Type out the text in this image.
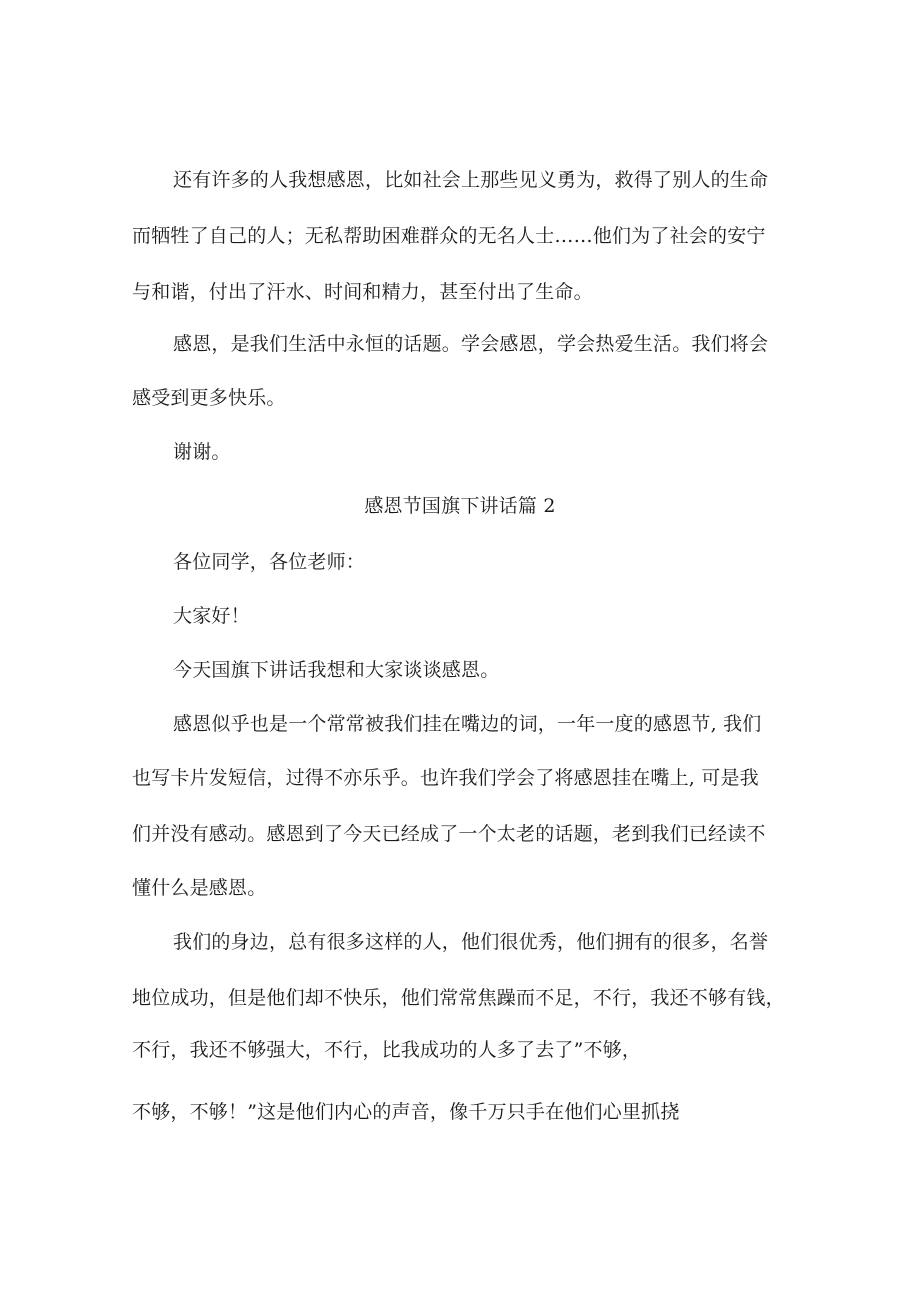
还有许多的人我想感恩，比如社会上那些见义勇为，救得了别人的生命
而牺牲了自己的人；无私帮助困难群众的无名人士……他们为了社会的安宁
与和谐，付出了汗水、时间和精力，甚至付出了生命。
感恩，是我们生活中永恒的话题。学会感恩，学会热爱生活。我们将会
感受到更多快乐。
谢谢。
感恩节国旗下讲话篇 2
各位同学，各位老师：
大家好！
今天国旗下讲话我想和大家谈谈感恩。
感恩似乎也是一个常常被我们挂在嘴边的词，一年一度的感恩节, 我们
也写卡片发短信，过得不亦乐乎。也许我们学会了将感恩挂在嘴上, 可是我
们并没有感动。感恩到了今天已经成了一个太老的话题，老到我们已经读不
懂什么是感恩。
我们的身边，总有很多这样的人，他们很优秀，他们拥有的很多，名誉
地位成功，但是他们却不快乐，他们常常焦躁而不足，不行，我还不够有钱，
不行，我还不够强大，不行，比我成功的人多了去了”不够，
不够，不够！”这是他们内心的声音，像千万只手在他们心里抓挠
